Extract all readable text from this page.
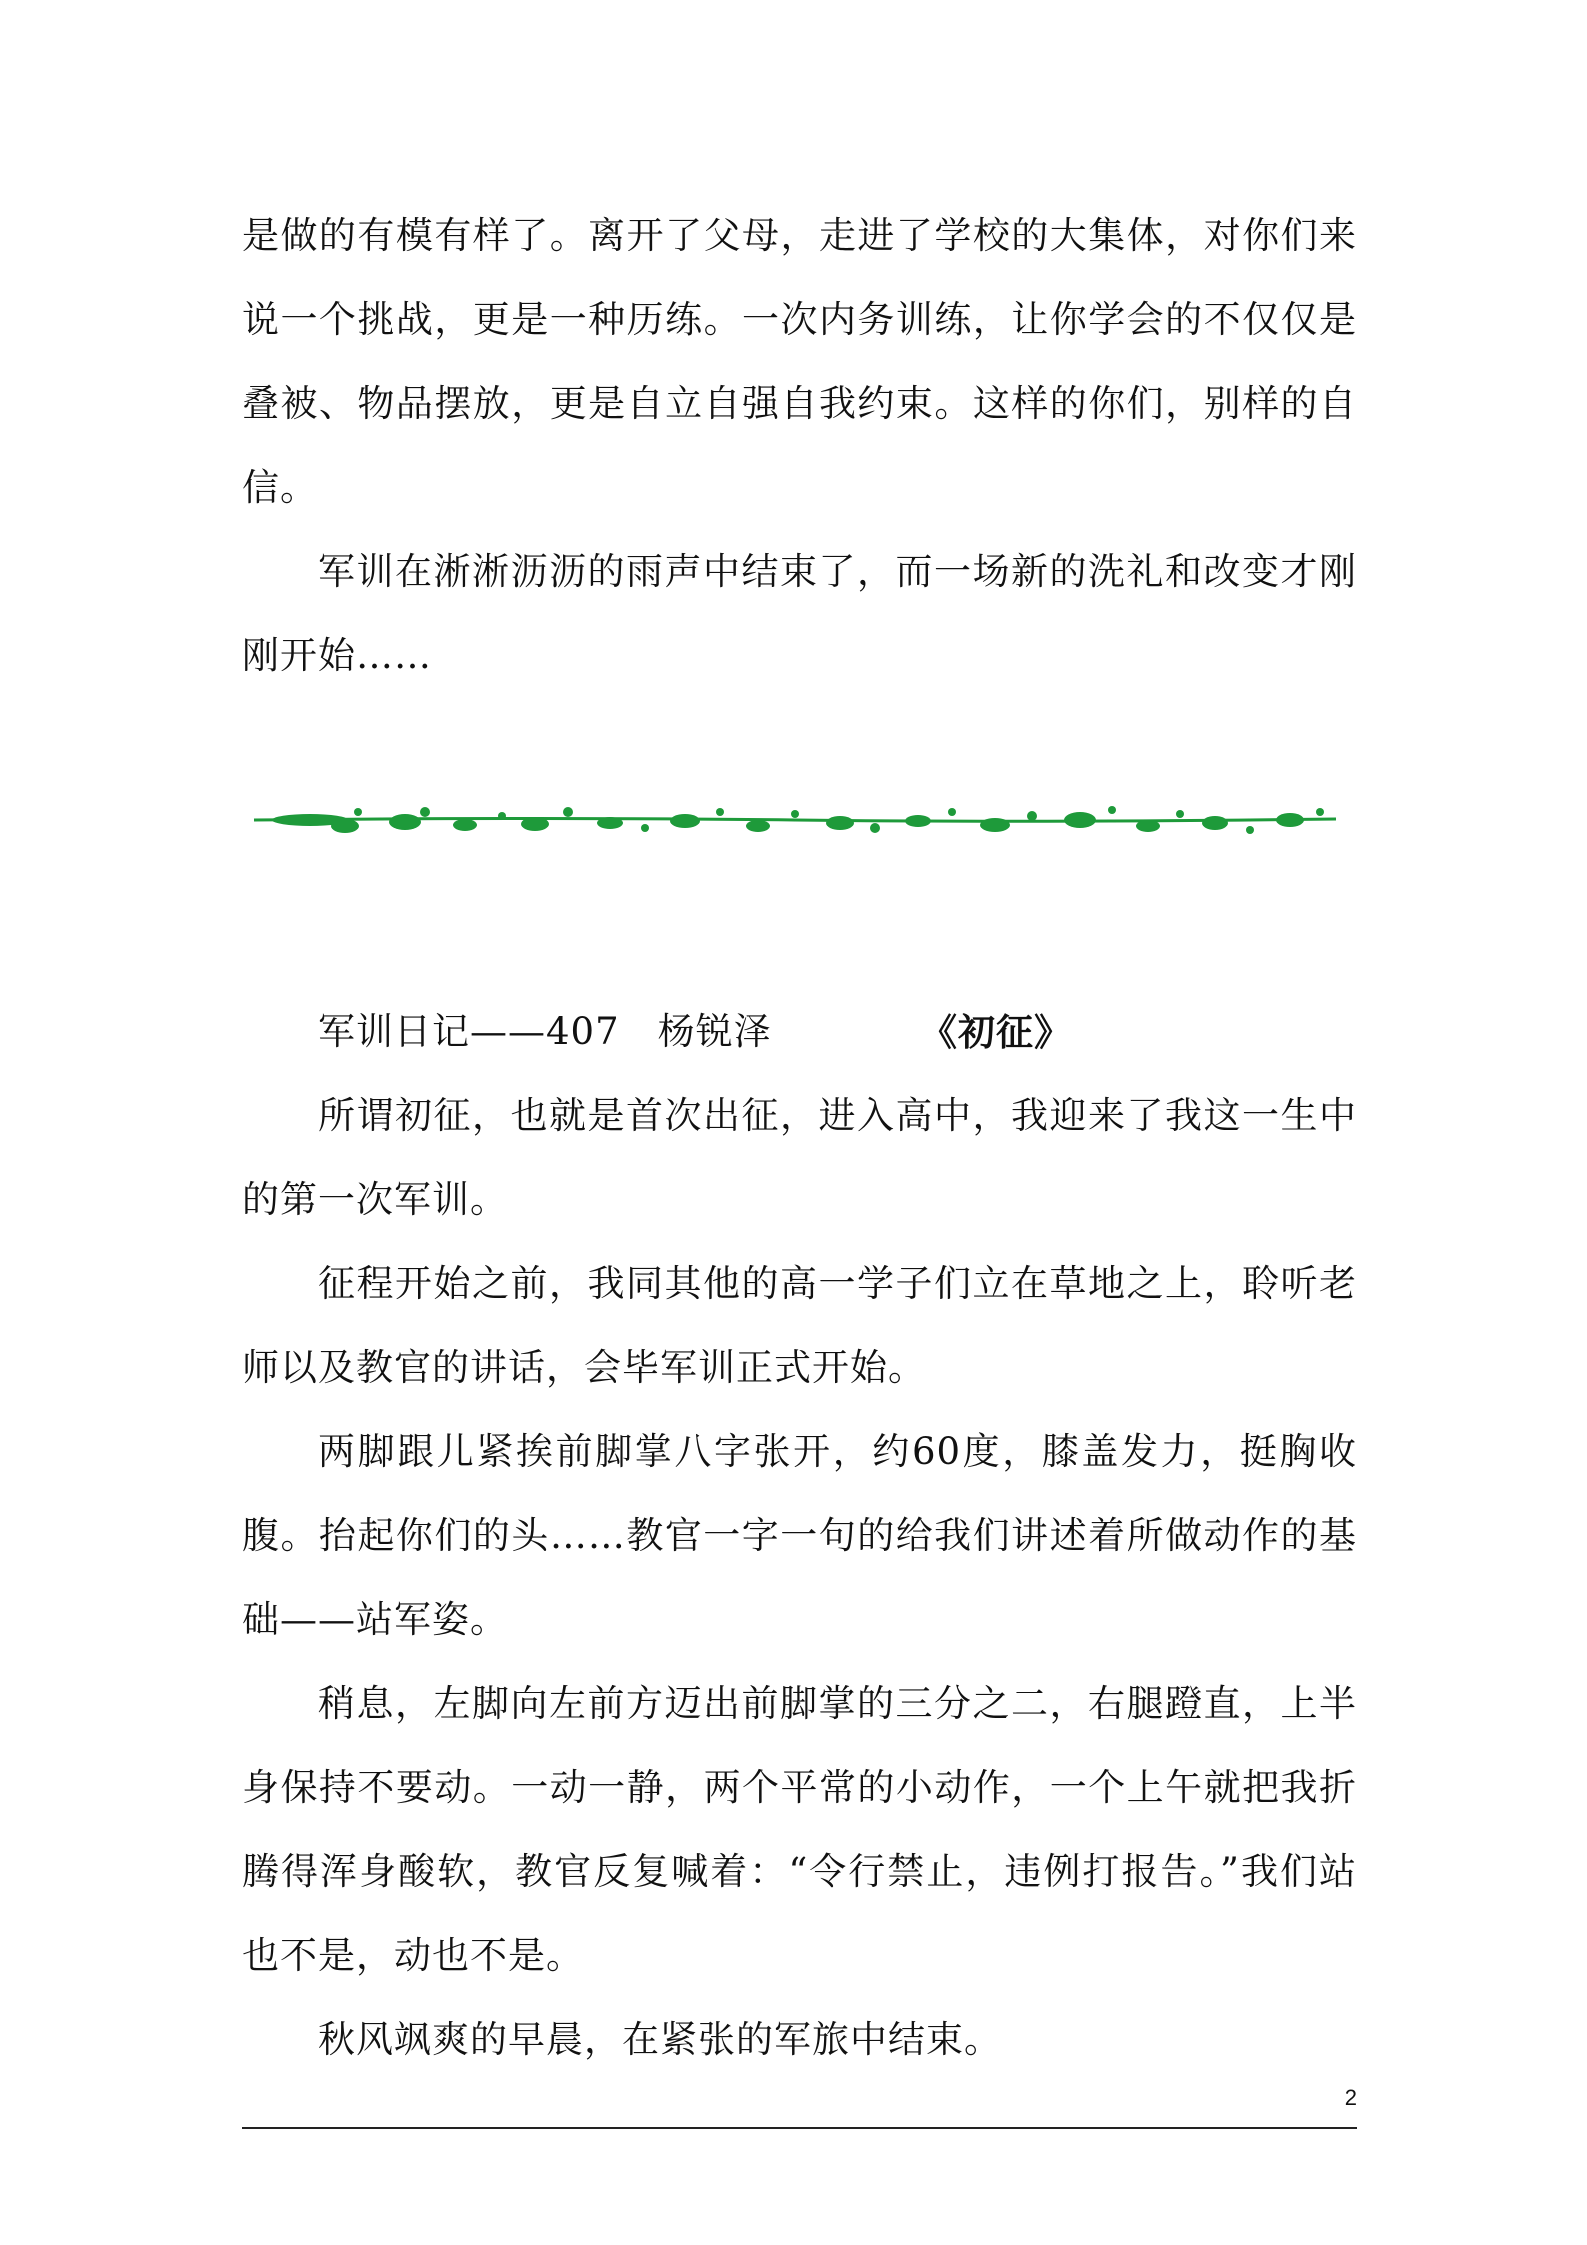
是做的有模有样了。离开了父母，走进了学校的大集体，对你们来说一个挑战，更是一种历练。一次内务训练，让你学会的不仅仅是叠被、物品摆放，更是自立自强自我约束。这样的你们，别样的自信。

军训在淅淅沥沥的雨声中结束了，而一场新的洗礼和改变才刚刚开始……

军训日记——407　杨锐泽	《初征》

所谓初征，也就是首次出征，进入高中，我迎来了我这一生中的第一次军训。

征程开始之前，我同其他的高一学子们立在草地之上，聆听老师以及教官的讲话，会毕军训正式开始。

两脚跟儿紧挨前脚掌八字张开，约60度，膝盖发力，挺胸收腹。抬起你们的头……教官一字一句的给我们讲述着所做动作的基础——站军姿。

稍息，左脚向左前方迈出前脚掌的三分之二，右腿蹬直，上半身保持不要动。一动一静，两个平常的小动作，一个上午就把我折腾得浑身酸软，教官反复喊着：“令行禁止，违例打报告。”我们站也不是，动也不是。

秋风飒爽的早晨，在紧张的军旅中结束。

2
